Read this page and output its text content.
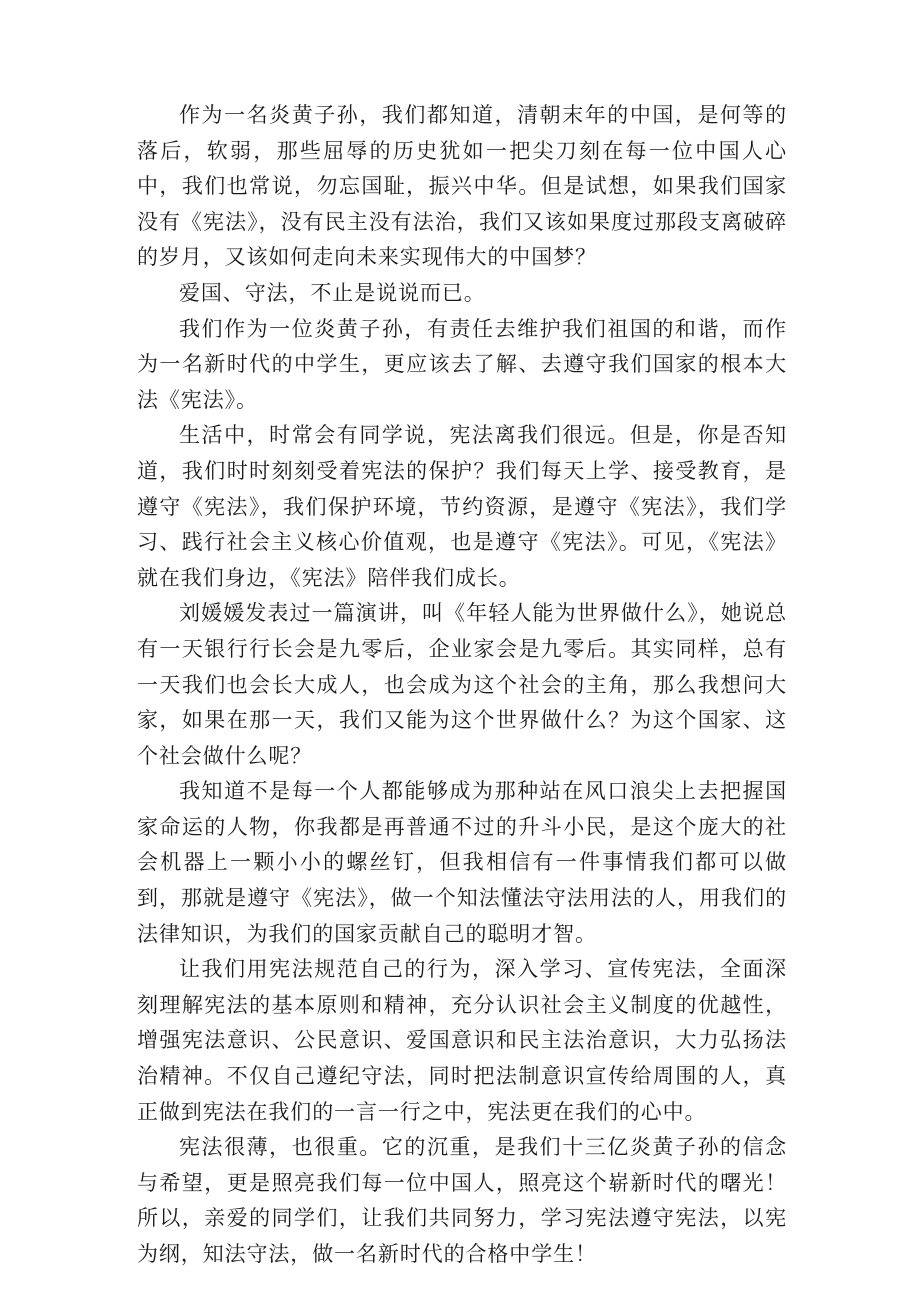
作为一名炎黄子孙，我们都知道，清朝末年的中国，是何等的落后，软弱，那些屈辱的历史犹如一把尖刀刻在每一位中国人心中，我们也常说，勿忘国耻，振兴中华。但是试想，如果我们国家没有《宪法》，没有民主没有法治，我们又该如果度过那段支离破碎的岁月，又该如何走向未来实现伟大的中国梦？

爱国、守法，不止是说说而已。

我们作为一位炎黄子孙，有责任去维护我们祖国的和谐，而作为一名新时代的中学生，更应该去了解、去遵守我们国家的根本大法《宪法》。

生活中，时常会有同学说，宪法离我们很远。但是，你是否知道，我们时时刻刻受着宪法的保护？我们每天上学、接受教育，是遵守《宪法》，我们保护环境，节约资源，是遵守《宪法》，我们学习、践行社会主义核心价值观，也是遵守《宪法》。可见，《宪法》就在我们身边，《宪法》陪伴我们成长。

刘媛媛发表过一篇演讲，叫《年轻人能为世界做什么》，她说总有一天银行行长会是九零后，企业家会是九零后。其实同样，总有一天我们也会长大成人，也会成为这个社会的主角，那么我想问大家，如果在那一天，我们又能为这个世界做什么？为这个国家、这个社会做什么呢？

我知道不是每一个人都能够成为那种站在风口浪尖上去把握国家命运的人物，你我都是再普通不过的升斗小民，是这个庞大的社会机器上一颗小小的螺丝钉，但我相信有一件事情我们都可以做到，那就是遵守《宪法》，做一个知法懂法守法用法的人，用我们的法律知识，为我们的国家贡献自己的聪明才智。

让我们用宪法规范自己的行为，深入学习、宣传宪法，全面深刻理解宪法的基本原则和精神，充分认识社会主义制度的优越性，增强宪法意识、公民意识、爱国意识和民主法治意识，大力弘扬法治精神。不仅自己遵纪守法，同时把法制意识宣传给周围的人，真正做到宪法在我们的一言一行之中，宪法更在我们的心中。

宪法很薄，也很重。它的沉重，是我们十三亿炎黄子孙的信念与希望，更是照亮我们每一位中国人，照亮这个崭新时代的曙光！所以，亲爱的同学们，让我们共同努力，学习宪法遵守宪法，以宪为纲，知法守法，做一名新时代的合格中学生！
